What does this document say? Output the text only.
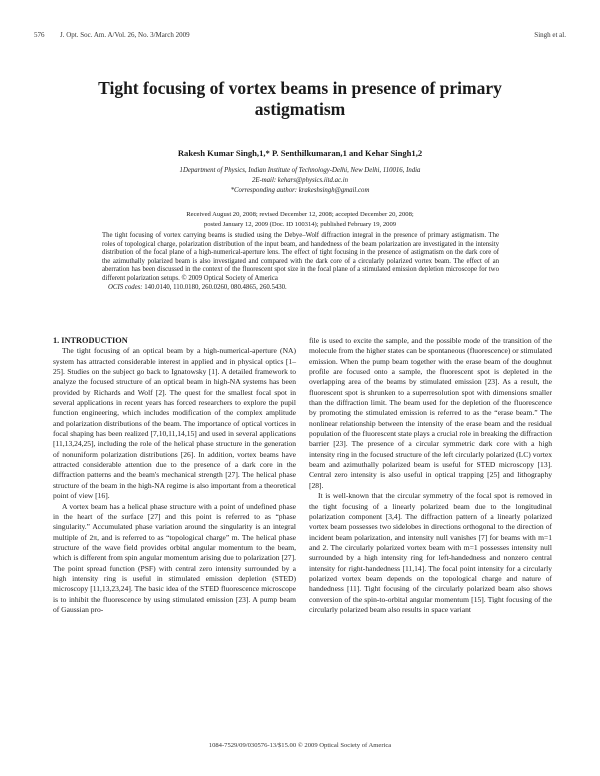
576 J. Opt. Soc. Am. A/Vol. 26, No. 3/March 2009	Singh et al.
Tight focusing of vortex beams in presence of primary astigmatism
Rakesh Kumar Singh,1,* P. Senthilkumaran,1 and Kehar Singh1,2
1Department of Physics, Indian Institute of Technology-Delhi, New Delhi, 110016, India
2E-mail: kehars@physics.iitd.ac.in
*Corresponding author: krakeshsingh@gmail.com
Received August 20, 2008; revised December 12, 2008; accepted December 20, 2008;
posted January 12, 2009 (Doc. ID 100314); published February 19, 2009

The tight focusing of vortex carrying beams is studied using the Debye–Wolf diffraction integral in the presence of primary astigmatism. The roles of topological charge, polarization distribution of the input beam, and handedness of the beam polarization are investigated in the intensity distribution of the focal plane of a high-numerical-aperture lens. The effect of tight focusing in the presence of astigmatism on the dark core of the azimuthally polarized beam is also investigated and compared with the dark core of a circularly polarized vortex beam. The effect of an aberration has been discussed in the context of the fluorescent spot size in the focal plane of a stimulated emission depletion microscope for two different polarization setups. © 2009 Optical Society of America

OCIS codes: 140.0140, 110.0180, 260.0260, 080.4865, 260.5430.

1. INTRODUCTION

The tight focusing of an optical beam by a high-numerical-aperture (NA) system has attracted considerable interest in applied and in physical optics [1–25]. Studies on the subject go back to Ignatowsky [1]. A detailed framework to analyze the focused structure of an optical beam in high-NA systems has been provided by Richards and Wolf [2]. The quest for the smallest focal spot in several applications in recent years has forced researchers to explore the pupil function engineering, which includes modification of the complex amplitude and polarization distributions of the beam. The importance of optical vortices in focal shaping has been realized [7,10,11,14,15] and used in several applications [11,13,24,25], including the role of the helical phase structure in the generation of nonuniform polarization distributions [26]. In addition, vortex beams have attracted considerable attention due to the presence of a dark core in the diffraction patterns and the beam's mechanical strength [27]. The helical phase structure of the beam in the high-NA regime is also important from a theoretical point of view [16].

A vortex beam has a helical phase structure with a point of undefined phase in the heart of the surface [27] and this point is referred to as “phase singularity.” Accumulated phase variation around the singularity is an integral multiple of 2π, and is referred to as “topological charge” m. The helical phase structure of the wave field provides orbital angular momentum to the beam, which is different from spin angular momentum arising due to polarization [27]. The point spread function (PSF) with central zero intensity surrounded by a high intensity ring is useful in stimulated emission depletion (STED) microscopy [11,13,23,24]. The basic idea of the STED fluorescence microscope is to inhibit the fluorescence by using stimulated emission [23]. A pump beam of Gaussian pro-

file is used to excite the sample, and the possible mode of the transition of the molecule from the higher states can be spontaneous (fluorescence) or stimulated emission. When the pump beam together with the erase beam of the doughnut profile are focused onto a sample, the fluorescent spot is depleted in the overlapping area of the beams by stimulated emission [23]. As a result, the fluorescent spot is shrunken to a superresolution spot with dimensions smaller than the diffraction limit. The beam used for the depletion of the fluorescence by promoting the stimulated emission is referred to as the “erase beam.” The nonlinear relationship between the intensity of the erase beam and the residual population of the fluorescent state plays a crucial role in breaking the diffraction barrier [23]. The presence of a circular symmetric dark core with a high intensity ring in the focused structure of the left circularly polarized (LC) vortex beam and azimuthally polarized beam is useful for STED microscopy [13]. Central zero intensity is also useful in optical trapping [25] and lithography [28].

It is well-known that the circular symmetry of the focal spot is removed in the tight focusing of a linearly polarized beam due to the longitudinal polarization component [3,4]. The diffraction pattern of a linearly polarized vortex beam possesses two sidelobes in directions orthogonal to the direction of incident beam polarization, and intensity null vanishes [7] for beams with m=1 and 2. The circularly polarized vortex beam with m=1 possesses intensity null surrounded by a high intensity ring for left-handedness and nonzero central intensity for right-handedness [11,14]. The focal point intensity for a circularly polarized vortex beam depends on the topological charge and nature of handedness [11]. Tight focusing of the circularly polarized beam also shows conversion of the spin-to-orbital angular momentum [15]. Tight focusing of the circularly polarized beam also results in space variant

1084-7529/09/030576-13/$15.00 © 2009 Optical Society of America
